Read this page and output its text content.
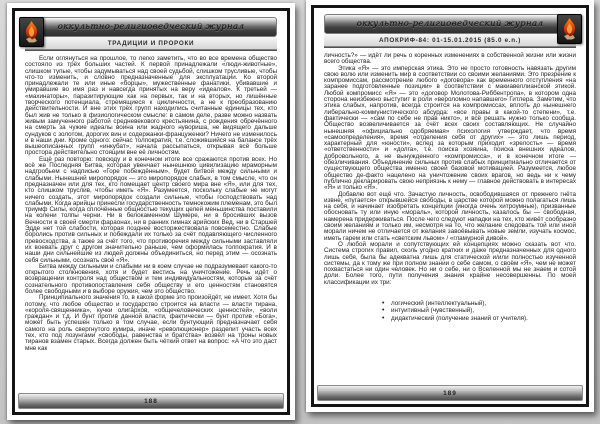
оккультно-религиоведческий журнал
ТРАДИЦИИ И ПРОРОКИ

Если оглянуться на прошлое, то легко заметить, что во все времена общество состояло из трёх больших частей. К первой принадлежали «люди-животные», слишком тупые, чтобы задумываться над своей судьбой, слишком трусливые, чтобы что-то изменить, и словно предназначенные для эксплуатации. Ко второй принадлежали те или иные «борцы», мужественные фанатики, убивавшие и умиравшие во имя раз и навсегда принятых на веру «идеалов». К третьей — «махинаторы», паразитирующие как на первых, так и на вторых, но лишённые творческого потенциала, стремящиеся к цикличности, а не к преобразованию действительности. И вне этих трёх групп находились считанные единицы тех, кто был жив не только в физиологическом смысле: в самом деле, разве можно назвать живым замученного работой средневекового крестьянина, с рождения обречённого на смерть за чужие идеалы воина или жадного нувориша, не видящего дальше сундуков с золотом, дорогих вин и содержанки-француженки? Ничего не изменилось и в наши дни. Кроме одного: сейчас толпократия, т.е. сложившийся на балансе трёх вышеописанных групп «инкубат», начала рассыпаться, открывая всё больше простора действительно стоящим вне её личностям.

Ещё раз повторю: повсюду и в конечном итоге все сражаются против всех. Но всё же Последняя Битва, которая увенчает нынешнюю цивилизацию мраморным надгробьем с надписью «Горе побеждённым», будет битвой между сильными и слабыми. Нынешний миропорядок — это миропорядок слабых, в том смысле, что он предназначен или для тех, кто помещает центр своего мира вне «Я», или для тех, кто слишком труслив, чтобы иметь «Я». Разумеется, поскольку слабые не могут ничего создать, этот миропорядок создали сильные, чтобы господствовать над слабыми. Когда арийцы принесли государственность темнокожим племенам, это был триумф Силы, когда сплочённые общностью текущих целей меньшинства поставили на колени толпы черни. Ни в белокаменном Шумере, ни в бросивших вызов Вечности в своей смерти фараонах, ни в ранних гимнах арийских Вед, ни в Старшей Эдде нет той слабости, которая позднее восторжествовала повсеместно. Слабые боролись против сильных и побеждали их только за счёт подавляющего численного превосходства, а также за счёт того, что противоречия между сильными заставляли их воевать друг с другом значительно раньше, чем оформилась толпократия. И в наши дни сильнейшие из людей должны объединиться, но перед этим — осознать себя сильными, осознать своё «Я».

Битва между сильными и слабыми ни в коем случае не подразумевает какого-то открытого столкновения, хотя и будет вестись на уничтожение. Речь идёт о возвращении контроля над обществом и тем индивидуальностям, которые за счёт сознательного противопоставления себя обществу и его ценностям становятся более свободными и в выборе оружия, чем это общество.

Принципиального значения то, в какой форме это произойдёт, не имеет. Хотя бы потому, что любое общество и государство строится на власти — власти тирана, «короля-священника», кучки олигархов, «общечеловеческих ценностей», «воли граждан» и т.д. И бунт против данной власти, фактически — бунт против «Бога», может быть успешен только в том случае, если бунтующий предназначает себя самого на роль свергнутого кумира, иначе «революционер» разделит участь всех тех, кто под лозунгами «свободы, равенства и братства» возвёл на троны новых тиранов взамен старых. Всегда должен быть чёткий ответ на вопрос: «А что это даст мне как

188
оккультно-религиоведческий журнал
АПОКРИФ-84: 01-15.01.2015 (85.0 e.n.)

личность?» — идёт ли речь о коренных изменениях в собственной жизни или жизни всего общества.

Этика «Я» — это имперская этика. Это не просто готовность навязать другим свою волю или изменить мир в соответствии со своими желаниями. Это презрение к компромиссам, рассмотрение любого «договора» как временного отступления «на заранее подготовленные позиции» в соответствии с макиавеллианской этикой. Любой компромисс «Я» — это «договор Молотова-Риббентропа», в котором одна сторона неизбежно выступит в роли «вероломно напавшего» Гитлера. Заметим, что этика слабых, напротив, всегда строится на компромиссах, вплоть до нынешнего либерально-коммунистического абсурда: «все правы в какой-то степени», т.е. фактически — «сам по себе не прав никто», и всё решать нужно только сообща. Общество возвеличивается за счёт всех своих составляющих. Не случайно нынешняя «официально одобряемая» психология утверждает, что время «самоопределения», время «отделения себя от других» — это лишь период, характерный для «юности», вслед за которым приходит «зрелость» — время «ответственности» и «долга», т.е. поиска хозяина, поиска внешних идеалов, добровольного, а не вынужденного «компромисса», и в конечном итоге — обезличивания. Объединение сильных против слабых принципиально отличается от существующего общества именно своей базовой мотивацией. Разумеется, любое общество де-факто нацелено на уничтожение своих врагов, но ведь ни к чему публично декларировать свою неприязнь к нему — главное действовать в интересах «Я» и только «Я».

Добавлю вот ещё что. Зачастую личность, освободившаяся от прежнего гнёта извне, «пугается» открывшейся свободы, в царстве которой можно полагаться лишь на себя, и начинает изобретать концепции (иногда очень хитроумные), призванные обосновать ту или иную «мораль», которой личность, казалось бы — свободная, намерена придерживаться. После чего следуют нападки на тех, кто живёт сообразно своим желаниям и только им, несмотря на то, что желание следовать той или иной морали ничем не отличается от желания завоёвывать новые земли, изучать космос, иметь гарем или стать «светским львом» / «гламурной дивой».

О любой морали и сопутствующих ей концепциях можно сказать вот что. Система строгих правил, сколь угодно кратких и даже предназначенных для одного лишь себя, была бы адекватна лишь для статической и/или полностью изученной системы, да к тому же при полном знании о себе самом, о своём «Я», чем не может похвастаться ни один человек. Но ни о себе, ни о Вселенной мы не знаем и сотой доли. Более того, пути получения знания крайне несовершенны. По моей классификации их три:

• логический (интеллектуальный),
• интуитивный (чувственный),
• дидактический (получение знаний от учителя).
189
